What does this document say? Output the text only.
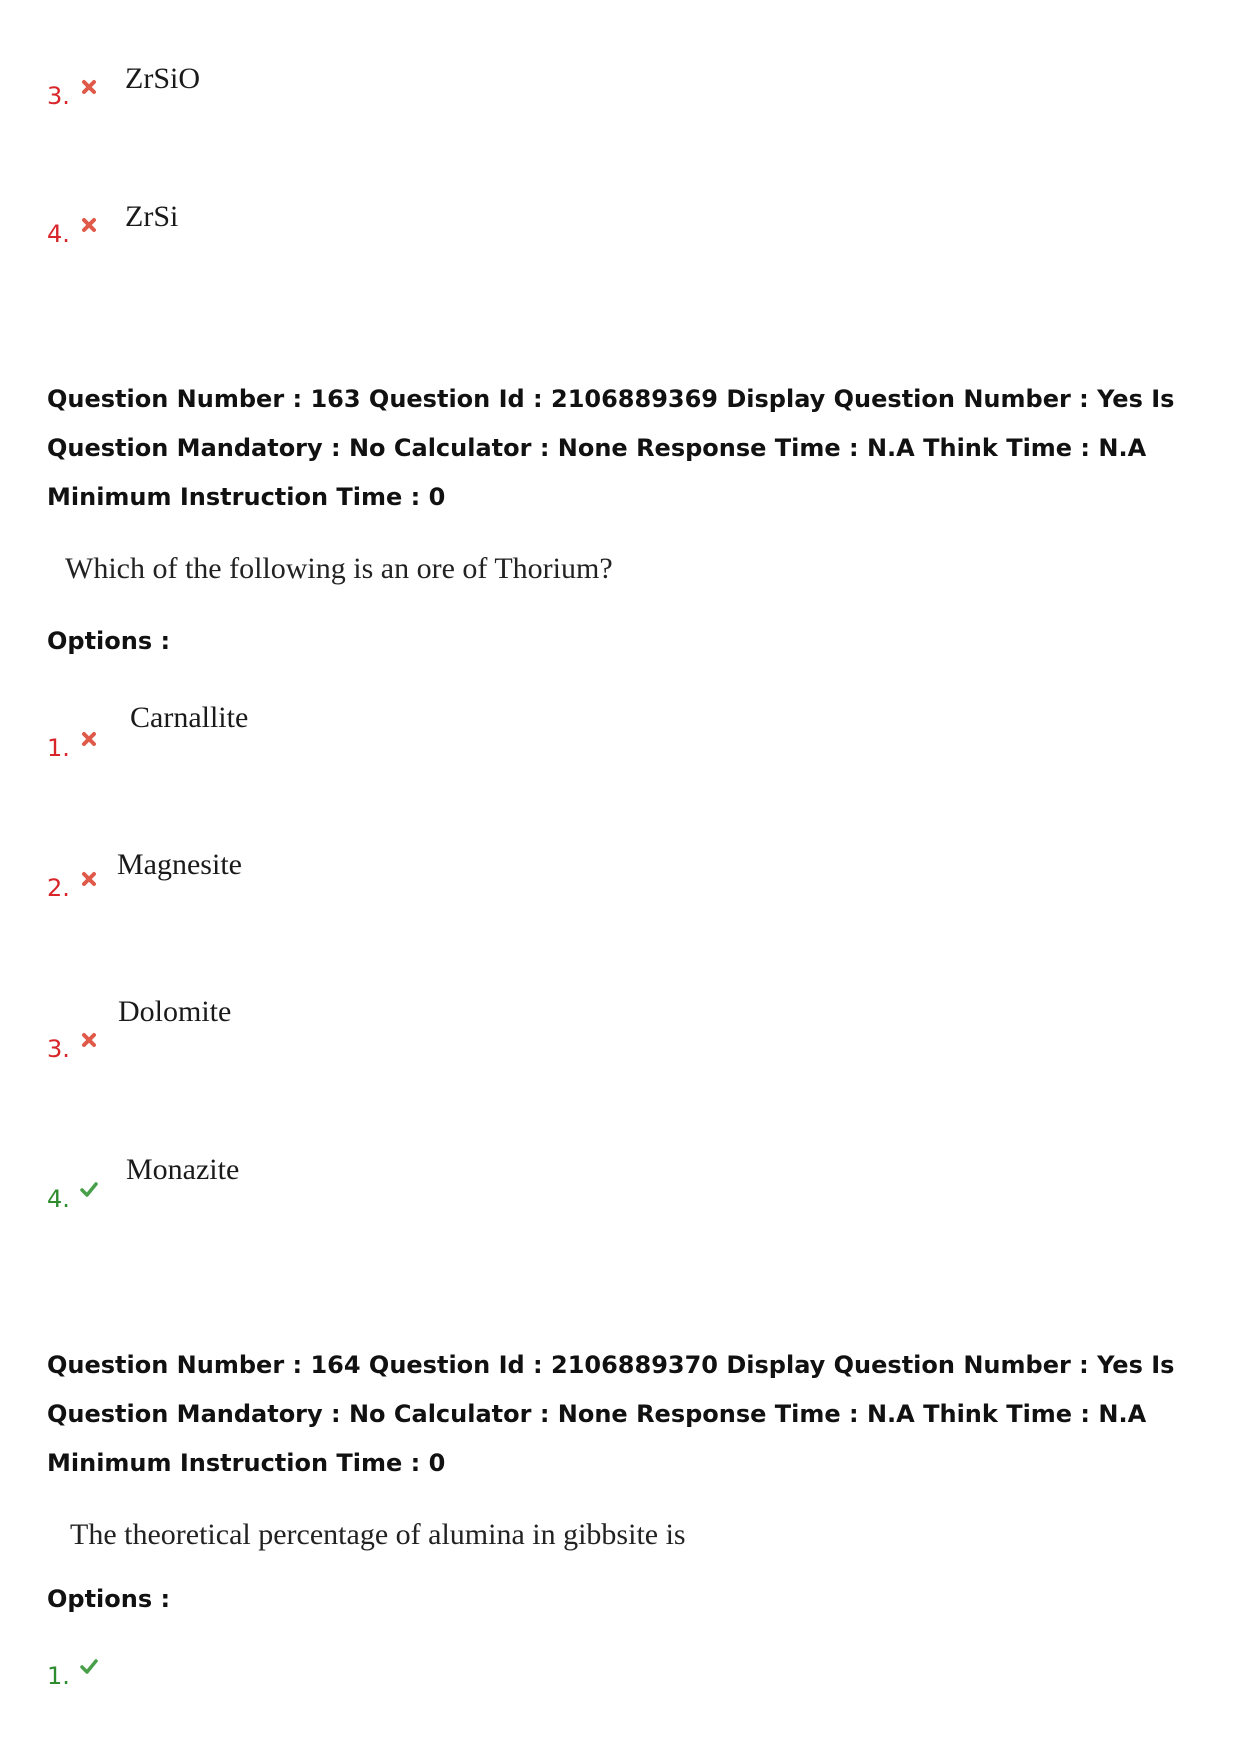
3.
ZrSiO
4.
ZrSi
Question Number : 163 Question Id : 2106889369 Display Question Number : Yes Is Question Mandatory : No Calculator : None Response Time : N.A Think Time : N.A Minimum Instruction Time : 0
Which of the following is an ore of Thorium?
Options :
1.
Carnallite
2.
Magnesite
3.
Dolomite
4.
Monazite
Question Number : 164 Question Id : 2106889370 Display Question Number : Yes Is Question Mandatory : No Calculator : None Response Time : N.A Think Time : N.A Minimum Instruction Time : 0
The theoretical percentage of alumina in gibbsite is
Options :
1.
